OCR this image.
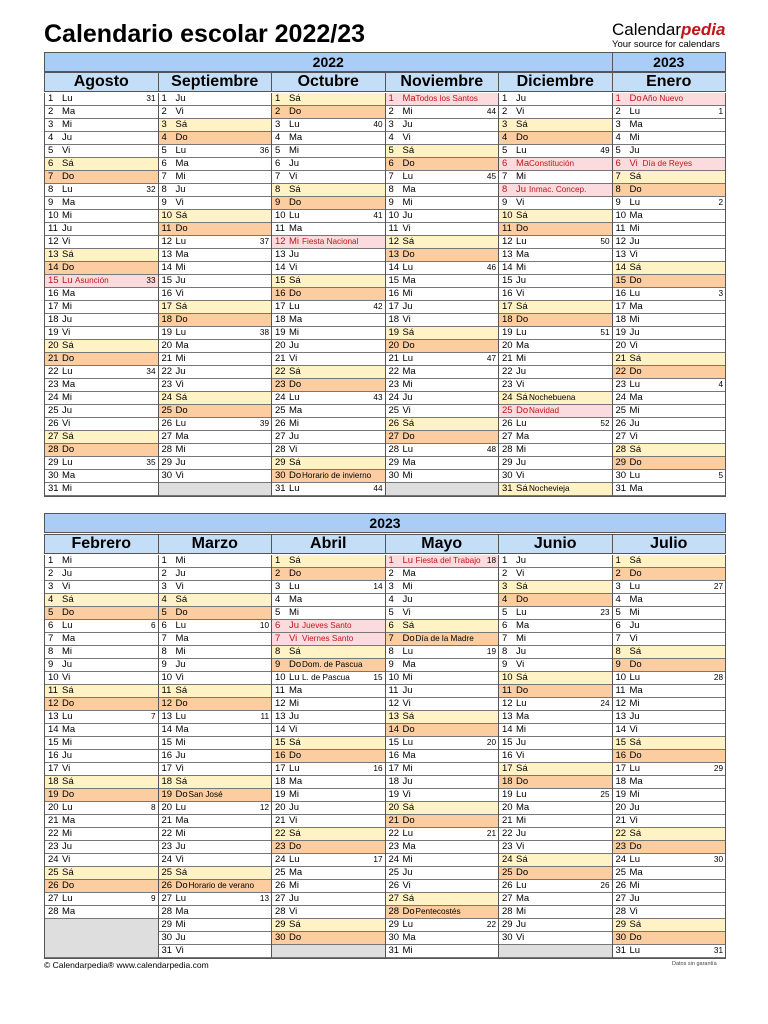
Calendario escolar 2022/23	Calendarpedia
Your source for calendars
2022	2023
Agosto
1 Lu	31
2 Ma
3 Mi
4 Ju
5 Vi
6 Sá
7 Do
8 Lu	32
9 Ma
10 Mi
11 Ju
12 Vi
13 Sá
14 Do
15 Lu Asunción	33
16 Ma
17 Mi
18 Ju
19 Vi
20 Sá
21 Do
22 Lu	34
23 Ma
24 Mi
25 Ju
26 Vi
27 Sá
28 Do
29 Lu	35
30 Ma
31 Mi
Septiembre
1 Ju
2 Vi
3 Sá
4 Do
5 Lu	36
6 Ma
7 Mi
8 Ju
9 Vi
10 Sá
11 Do
12 Lu	37
13 Ma
14 Mi
15 Ju
16 Vi
17 Sá
18 Do
19 Lu	38
20 Ma
21 Mi
22 Ju
23 Vi
24 Sá
25 Do
26 Lu	39
27 Ma
28 Mi
29 Ju
30 Vi
Octubre
1 Sá
2 Do
3 Lu	40
4 Ma
5 Mi
6 Ju
7 Vi
8 Sá
9 Do
10 Lu	41
11 Ma
12 Mi Fiesta Nacional
13 Ju
14 Vi
15 Sá
16 Do
17 Lu	42
18 Ma
19 Mi
20 Ju
21 Vi
22 Sá
23 Do
24 Lu	43
25 Ma
26 Mi
27 Ju
28 Vi
29 Sá
30 Do Horario de invierno
31 Lu	44
Noviembre
1 Ma Todos los Santos
2 Mi	44
3 Ju
4 Vi
5 Sá
6 Do
7 Lu	45
8 Ma
9 Mi
10 Ju
11 Vi
12 Sá
13 Do
14 Lu	46
15 Ma
16 Mi
17 Ju
18 Vi
19 Sá
20 Do
21 Lu	47
22 Ma
23 Mi
24 Ju
25 Vi
26 Sá
27 Do
28 Lu	48
29 Ma
30 Mi
Diciembre
1 Ju
2 Vi
3 Sá
4 Do
5 Lu	49
6 Ma Constitución
7 Mi
8 Ju Inmac. Concep.
9 Vi
10 Sá
11 Do
12 Lu	50
13 Ma
14 Mi
15 Ju
16 Vi
17 Sá
18 Do
19 Lu	51
20 Ma
21 Mi
22 Ju
23 Vi
24 Sá Nochebuena
25 Do Navidad
26 Lu	52
27 Ma
28 Mi
29 Ju
30 Vi
31 Sá Nochevieja
Enero
1 Do Año Nuevo
2 Lu	1
3 Ma
4 Mi
5 Ju
6 Vi Día de Reyes
7 Sá
8 Do
9 Lu	2
10 Ma
11 Mi
12 Ju
13 Vi
14 Sá
15 Do
16 Lu	3
17 Ma
18 Mi
19 Ju
20 Vi
21 Sá
22 Do
23 Lu	4
24 Ma
25 Mi
26 Ju
27 Vi
28 Sá
29 Do
30 Lu	5
31 Ma
2023
Febrero
1 Mi
2 Ju
3 Vi
4 Sá
5 Do
6 Lu	6
7 Ma
8 Mi
9 Ju
10 Vi
11 Sá
12 Do
13 Lu	7
14 Ma
15 Mi
16 Ju
17 Vi
18 Sá
19 Do
20 Lu	8
21 Ma
22 Mi
23 Ju
24 Vi
25 Sá
26 Do
27 Lu	9
28 Ma
Marzo
1 Mi
2 Ju
3 Vi
4 Sá
5 Do
6 Lu	10
7 Ma
8 Mi
9 Ju
10 Vi
11 Sá
12 Do
13 Lu	11
14 Ma
15 Mi
16 Ju
17 Vi
18 Sá
19 Do San José
20 Lu	12
21 Ma
22 Mi
23 Ju
24 Vi
25 Sá
26 Do Horario de verano
27 Lu	13
28 Ma
29 Mi
30 Ju
31 Vi
Abril
1 Sá
2 Do
3 Lu	14
4 Ma
5 Mi
6 Ju Jueves Santo
7 Vi Viernes Santo
8 Sá
9 Do Dom. de Pascua
10 Lu L. de Pascua	15
11 Ma
12 Mi
13 Ju
14 Vi
15 Sá
16 Do
17 Lu	16
18 Ma
19 Mi
20 Ju
21 Vi
22 Sá
23 Do
24 Lu	17
25 Ma
26 Mi
27 Ju
28 Vi
29 Sá
30 Do
Mayo
1 Lu Fiesta del Trabajo 18
2 Ma
3 Mi
4 Ju
5 Vi
6 Sá
7 Do Día de la Madre
8 Lu	19
9 Ma
10 Mi
11 Ju
12 Vi
13 Sá
14 Do
15 Lu	20
16 Ma
17 Mi
18 Ju
19 Vi
20 Sá
21 Do
22 Lu	21
23 Ma
24 Mi
25 Ju
26 Vi
27 Sá
28 Do Pentecostés
29 Lu	22
30 Ma
31 Mi
Junio
1 Ju
2 Vi
3 Sá
4 Do
5 Lu	23
6 Ma
7 Mi
8 Ju
9 Vi
10 Sá
11 Do
12 Lu	24
13 Ma
14 Mi
15 Ju
16 Vi
17 Sá
18 Do
19 Lu	25
20 Ma
21 Mi
22 Ju
23 Vi
24 Sá
25 Do
26 Lu	26
27 Ma
28 Mi
29 Ju
30 Vi
Julio
1 Sá
2 Do
3 Lu	27
4 Ma
5 Mi
6 Ju
7 Vi
8 Sá
9 Do
10 Lu	28
11 Ma
12 Mi
13 Ju
14 Vi
15 Sá
16 Do
17 Lu	29
18 Ma
19 Mi
20 Ju
21 Vi
22 Sá
23 Do
24 Lu	30
25 Ma
26 Mi
27 Ju
28 Vi
29 Sá
30 Do
31 Lu	31
© Calendarpedia® www.calendarpedia.com	Datos sin garantía
